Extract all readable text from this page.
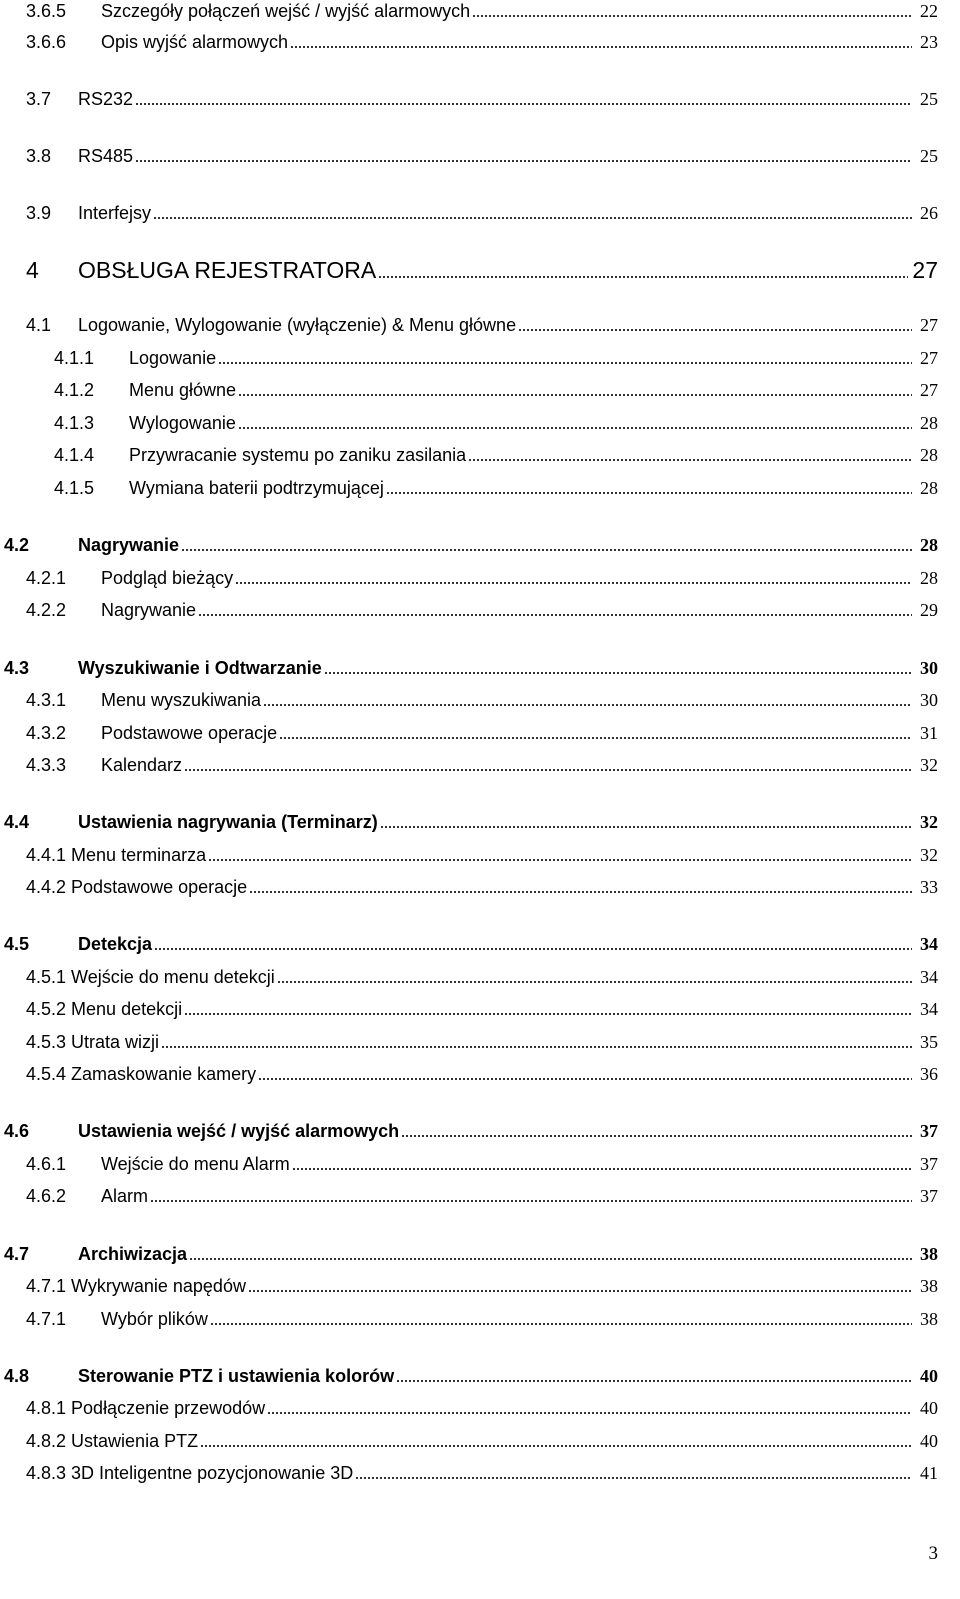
3.6.5 Szczegóły połączeń wejść / wyjść alarmowych	22
3.6.6 Opis wyjść alarmowych	23
3.7 RS232	25
3.8 RS485	25
3.9 Interfejsy	26
4 OBSŁUGA REJESTRATORA	27
4.1 Logowanie, Wylogowanie (wyłączenie) & Menu główne	27
4.1.1 Logowanie	27
4.1.2 Menu główne	27
4.1.3 Wylogowanie	28
4.1.4 Przywracanie systemu po zaniku zasilania	28
4.1.5 Wymiana baterii podtrzymującej	28
4.2	Nagrywanie	28
4.2.1 Podgląd bieżący	28
4.2.2 Nagrywanie	29
4.3	Wyszukiwanie i Odtwarzanie	30
4.3.1 Menu wyszukiwania	30
4.3.2 Podstawowe operacje	31
4.3.3 Kalendarz	32
4.4	Ustawienia nagrywania (Terminarz)	32
4.4.1 Menu terminarza	32
4.4.2 Podstawowe operacje	33
4.5	Detekcja	34
4.5.1 Wejście do menu detekcji	34
4.5.2 Menu detekcji	34
4.5.3 Utrata wizji	35
4.5.4 Zamaskowanie kamery	36
4.6	Ustawienia wejść / wyjść alarmowych	37
4.6.1 Wejście do menu Alarm	37
4.6.2 Alarm	37
4.7	Archiwizacja	38
4.7.1 Wykrywanie napędów	38
4.7.1 Wybór plików	38
4.8	Sterowanie PTZ i ustawienia kolorów	40
4.8.1 Podłączenie przewodów	40
4.8.2 Ustawienia PTZ	40
4.8.3 3D Inteligentne pozycjonowanie 3D	41
3
